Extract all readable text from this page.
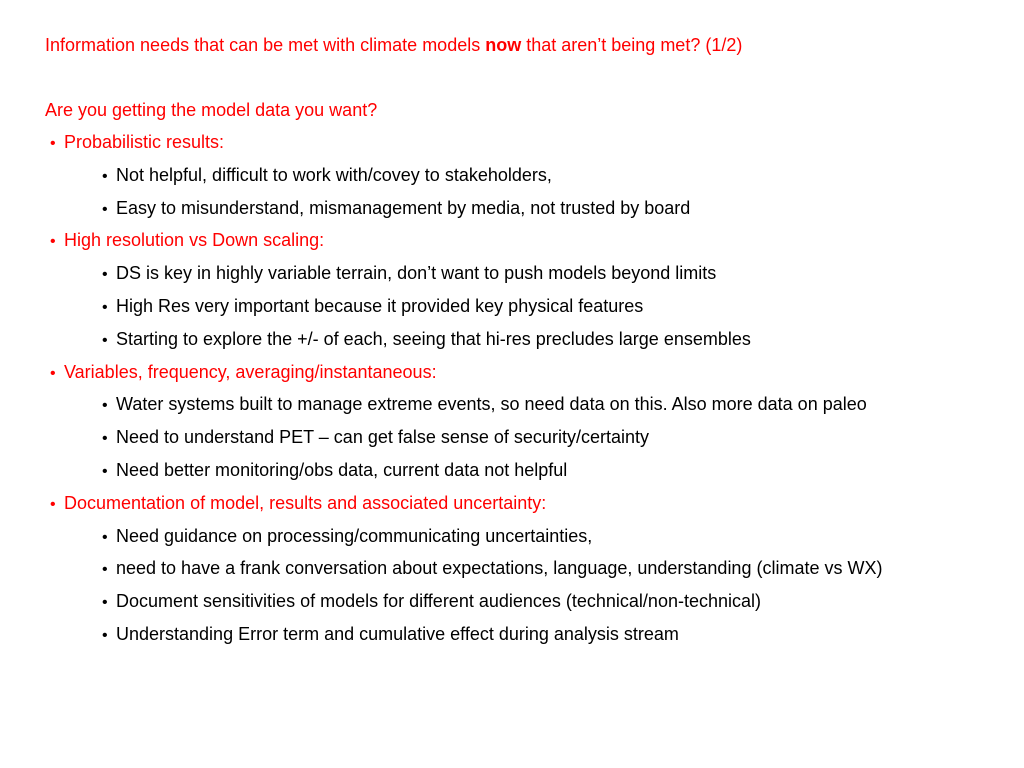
Information needs that can be met with climate models now that aren’t being met? (1/2)
Are you getting the model data you want?
• Probabilistic results:
• Not helpful, difficult to work with/covey to stakeholders,
• Easy to misunderstand, mismanagement by media, not trusted by board
• High resolution vs Down scaling:
• DS is key in highly variable terrain, don’t want to push models beyond limits
• High Res very important because it provided key physical features
• Starting to explore the +/- of each, seeing that hi-res precludes large ensembles
• Variables, frequency, averaging/instantaneous:
• Water systems built to manage extreme events, so need data on this. Also more data on paleo
• Need to understand PET – can get false sense of security/certainty
• Need better monitoring/obs data, current data not helpful
• Documentation of model, results and associated uncertainty:
• Need guidance on processing/communicating uncertainties,
• need to have a frank conversation about expectations, language, understanding (climate vs WX)
• Document sensitivities of models for different audiences (technical/non-technical)
• Understanding Error term and cumulative effect during analysis stream
